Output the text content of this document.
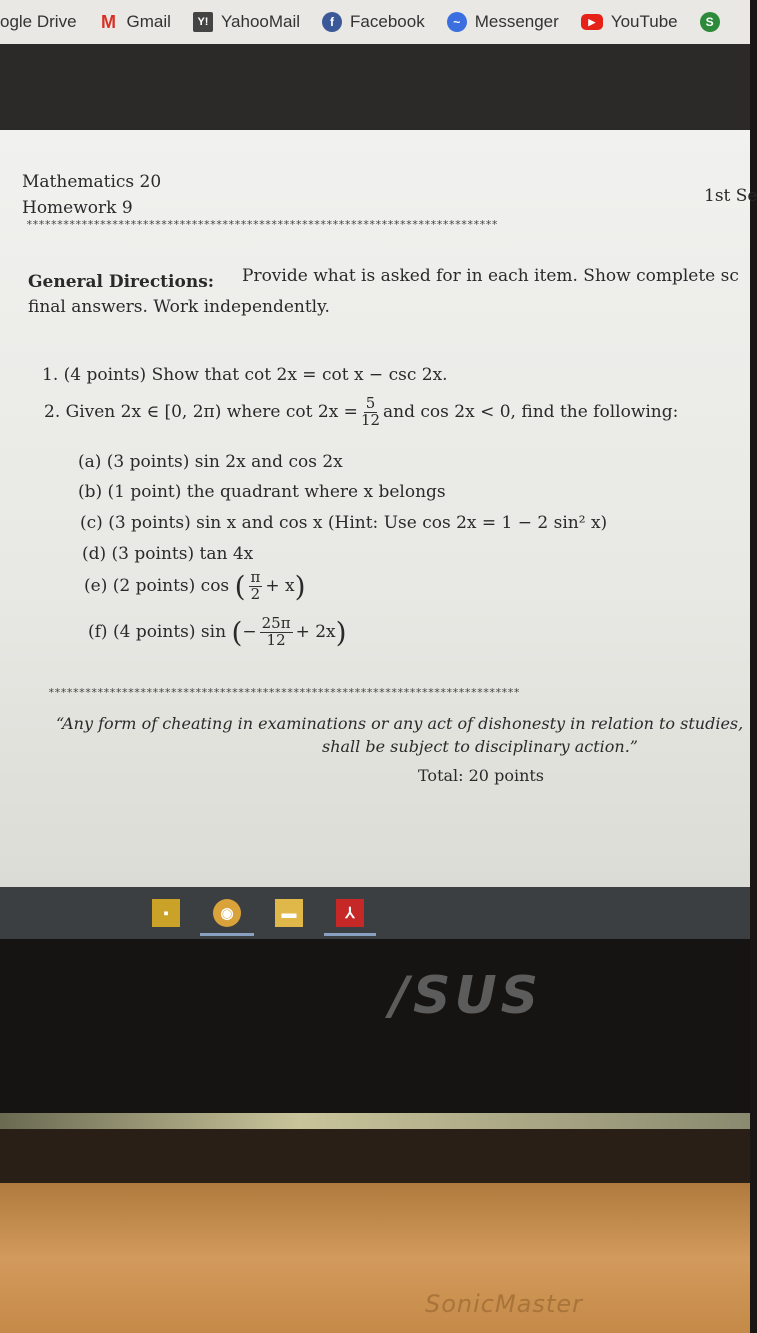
ogle Drive M Gmail	Y! YahooMail	f Facebook	~ Messenger	▶ YouTube	S
Mathematics 20
Homework 9
1st Se
*****************************************************************************
General Directions: Provide what is asked for in each item. Show complete sc
final answers. Work independently.
1. (4 points) Show that cot 2x = cot x − csc 2x.
2. Given 2x ∈ [0, 2π) where $\cot 2x = \frac{5}{12}$ and cos 2x < 0, find the following:
(a) (3 points) sin 2x and cos 2x
(b) (1 point) the quadrant where x belongs
(c) (3 points) sin x and cos x (Hint: Use cos 2x = 1 − 2 sin² x)
(d) (3 points) tan 4x
(e) (2 points) cos ( $\frac{\pi}{2} + x$)
(f) (4 points) sin (− $\frac{25\pi}{12} + 2x$)
*****************************************************************************
“Any form of cheating in examinations or any act of dishonesty in relation to studies,
shall be subject to disciplinary action.”
Total: 20 points
▪	◉	▬	⅄
/SUS
SonicMaster
